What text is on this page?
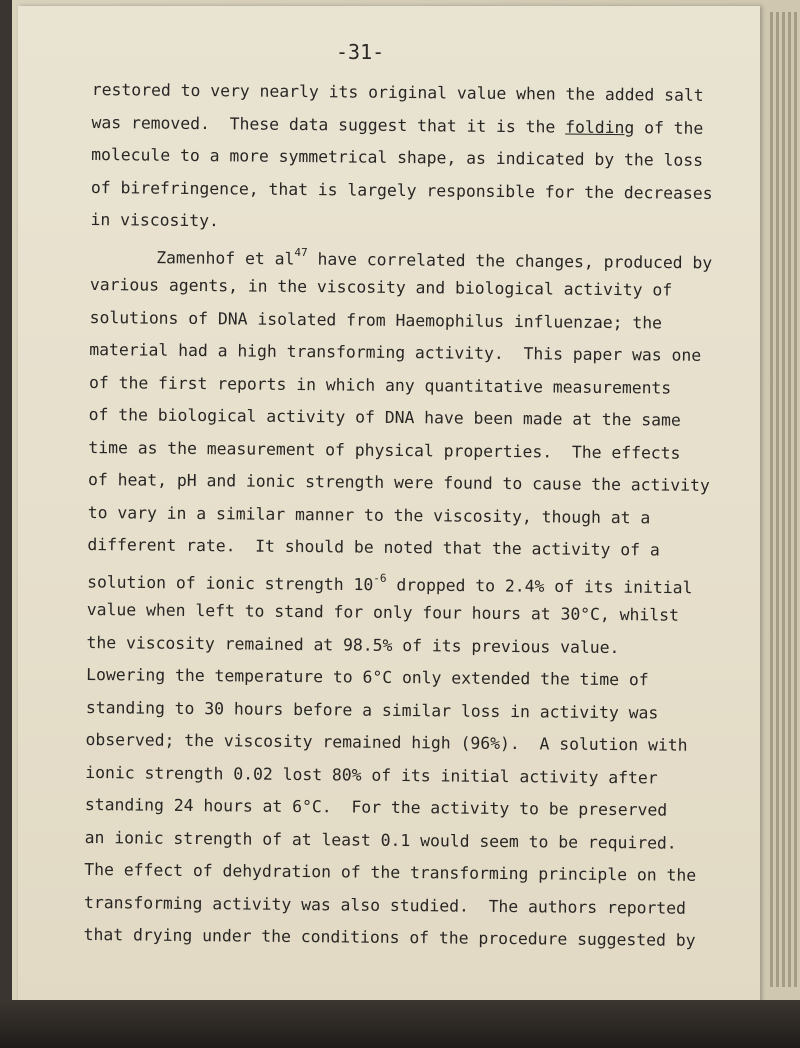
-31-
restored to very nearly its original value when the added salt
was removed.  These data suggest that it is the folding of the
molecule to a more symmetrical shape, as indicated by the loss
of birefringence, that is largely responsible for the decreases
in viscosity.
Zamenhof et $al^{47}$ have correlated the changes, produced by
various agents, in the viscosity and biological activity of
solutions of DNA isolated from Haemophilus influenzae; the
material had a high transforming activity.  This paper was one
of the first reports in which any quantitative measurements
of the biological activity of DNA have been made at the same
time as the measurement of physical properties.  The effects
of heat, pH and ionic strength were found to cause the activity
to vary in a similar manner to the viscosity, though at a
different rate.  It should be noted that the activity of a
solution of ionic strength $10^{-6}$ dropped to 2.4% of its initial
value when left to stand for only four hours at 30°C, whilst
the viscosity remained at 98.5% of its previous value.
Lowering the temperature to 6°C only extended the time of
standing to 30 hours before a similar loss in activity was
observed; the viscosity remained high (96%).  A solution with
ionic strength 0.02 lost 80% of its initial activity after
standing 24 hours at 6°C.  For the activity to be preserved
an ionic strength of at least 0.1 would seem to be required.
The effect of dehydration of the transforming principle on the
transforming activity was also studied.  The authors reported
that drying under the conditions of the procedure suggested by
